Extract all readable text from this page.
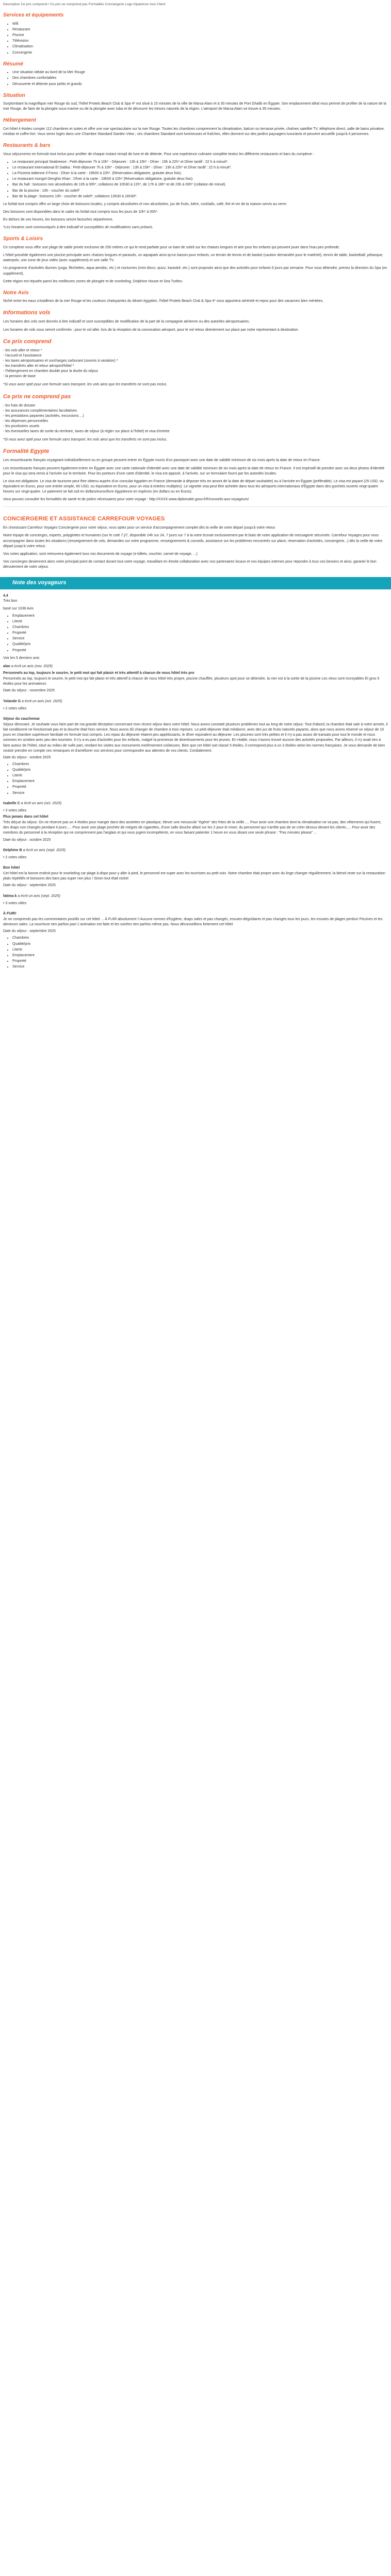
Description Ce prix comprend / Ce prix ne comprend pas Formalités Conciergerie Logo tripadvisor Avis Client
Services et équipements
• Wifi
• Restaurant
• Piscine
• Télévision
• Climatisation
• Concergerie
Résumé
• Une situation idéale au bord de la Mer Rouge
• Des chambres confortables
• Découverte et détente pour petits et grands
Situation

Surplombant la magnifique mer Rouge du sud, l'hôtel Protels Beach Club & Spa 4* est situé à 15 minutes de la ville de Marsa Alam et à 30 minutes de Port Ghalib en Égypte. Son emplacement idéal vous permet de profiter de la nature de la mer Rouge, de faire de la plongée sous-marine ou de la plongée avec tuba et de découvrir les trésors naturels de la région. L'aéroport de Marsa Alam se trouve à 35 minutes.

Hébergement

Cet hôtel 4 étoiles compte 112 chambres et suites et offre une vue spectaculaire sur la mer Rouge. Toutes les chambres comprennent la climatisation, balcon ou terrasse privée, chaînes satellite TV, téléphone direct, salle de bains privative, minibar et coffre-fort. Vous serez logés dans une Chambre Standard Garden View ; ces chambres Standard sont lumineuses et fraîches, elles donnent sur des jardins paysagers luxuriants et peuvent accueillir jusqu'à 4 personnes.

Restaurants & bars

Vous séjournerez en formule tout inclus pour profiter de chaque instant rempli de luxe et de détente. Pour une expérience culinaire complète testez les différents restaurants et bars du complexe :

• Le restaurant principal Seabreeze : Petit-déjeuner 7h à 10h* - Déjeuner : 13h à 15h* - Dîner : 19h à 22h* et Dîner tardif : 22 h à minuit*.
• Le restaurant international El Dabka : Petit-déjeuner 7h à 10h* - Déjeuner : 13h à 15h* - Dîner : 19h à 22h* et Dîner tardif : 22 h à minuit*.
• La Pizzeria italienne Il Forno : Dîner à la carte : 19h00 à 22h*. (Réservation obligatoire, gratuite deux fois).
• Le restaurant mongol Genghis Khan : Dîner à la carte : 19h00 à 22h* (Réservation obligatoire, gratuite deux fois).
• Bar du hall : boissons non alcoolisées de 10h à 00h*, collations de 10h30 à 12h*, de 17h à 18h* et de 23h à 00h* (collation de minuit).
• Bar de la piscine : 10h - coucher du soleil*
• Bar de la plage : boissons 10h - coucher de soleil*, collations 13h30 à 16h30*.

Le forfait tout compris offre un large choix de boissons locales, y compris alcoolisées et non alcoolisées, jus de fruits, bière, cocktails, café, thé et vin de la maison servis au verre.

Des boissons sont disponibles dans le cadre du forfait tout compris tous les jours de 10h* à 00h*.

En dehors de ces heures, les boissons seront facturées séparément.

*Les horaires sont communiqués à titre indicatif et susceptibles de modifications sans préavis.

Sports & Loisirs

Ce complexe vous offre une plage de sable privée exclusive de 250 mètres ce qui le rend parfaite pour un bain de soleil sur les chaises longues et aire pour les enfants qui peuvent jouer dans l'eau peu profonde.

L'hôtel possède également une piscine principale avec chaises longues et parasols, un aquapark ainsi qu'un bassin pour enfants, un terrain de tennis et de basket (caution demandée pour le matériel), tennis de table, basketball, pétanque, waterpolo, une zone de jeux vidéo (avec supplément) et une salle TV.

Un programme d'activités diurnes (yoga, fléchettes, aqua aerobic, etc.) et nocturnes (mini disco, quizz, karaoké, etc.) sont proposés ainsi que des activités pour enfants 6 jours par semaine. Pour vous détendre, prenez la direction du Spa (en supplément).

Cette région est réputée parmi les meilleures zones de plongée et de snorkeling, Dolphine House et Sea Turtles.

Notre Avis

Niché entre les eaux cristallines de la mer Rouge et les couleurs chatoyantes du désert égyptien, l'hôtel Protels Beach Club & Spa 4* vous apportera sérénité et repos pour des vacances bien méritées.

Informations vols

Les horaires des vols sont donnés à titre indicatif et sont susceptibles de modification de la part de la compagnie aérienne ou des autorités aéroportuaires.

Les horaires de vols vous seront confirmés : pour le vol aller, lors de la réception de la convocation aéroport, pour le vol retour directement sur place par notre représentant à destination.

Ce prix comprend
- les vols aller et retour *
- l'accueil et l'assistance
- les taxes aéroportuaires et surcharges carburant (soumis à variation) *
- les transferts aller et retour aéroport/hôtel *
- l'hébergement en chambre double pour la durée du séjour
- la pension de base

*Si vous avez opté pour une formule sans transport, les vols ainsi que les transferts ne sont pas inclus.

Ce prix ne comprend pas
- les frais de dossier
- les assurances complémentaires facultatives
- les prestations payantes (activités, excursions ...)
- les dépenses personnelles
- les pourboires usuels
- les éventuelles taxes de sortie du territoire, taxes de séjour (à régler sur place à l'hôtel) et visa d'entrée

*Si vous avez opté pour une formule sans transport, les vols ainsi que les transferts ne sont pas inclus.

Formalité Egypte

Les ressortissants français voyageant individuellement ou en groupe peuvent entrer en Égypte munis d'un passeport avec une date de validité minimum de six mois après la date de retour en France.

Les ressortissants français peuvent également entrer en Égypte avec une carte nationale d'identité avec une date de validité minimum de six mois après la date de retour en France. Il est impératif de prendre avec soi deux photos d'identité pour le visa qui sera remis à l'arrivée sur le territoire. Pour les porteurs d'une carte d'identité, le visa est apposé, à l'arrivée, sur un formulaire fourni par les autorités locales.

Le visa est obligatoire. Le visa de tourisme peut être obtenu auprès d'un consulat égyptien en France (demande à déposer très en amont de la date de départ souhaitée) ou à l'arrivée en Égypte (préférable). Le visa est payant (25 USD, ou équivalent en Euros, pour une entrée simple, 60 USD, ou équivalent en Euros, pour un visa à entrées multiples). Le vignette visa peut être achetée dans tous les aéroports internationaux d'Égypte dans des guichets ouverts vingt-quatre heures sur vingt-quatre. Le paiement se fait soit en dollars/euros/livre égyptienne en espèces (en dollars ou en Euros).

Vous pouvez consulter les formalités de santé et de police nécessaires pour votre voyage : http://XXXX.www.diplomatie.gouv.fr/fr/conseils-aux-voyageurs/

CONCIERGERIE ET ASSISTANCE CARREFOUR VOYAGES

En choisissant Carrefour Voyages Conciergerie pour votre séjour, vous optez pour un service d'accompagnement complet dès la veille de votre départ jusqu'à votre retour.

Notre équipe de concierges, experts, polyglottes et humaines (sur le coté 7 j/7, disponible 24h sur 24, 7 jours sur 7 à la votre écoute exclusivement par le biais de notre application de messagerie sécurisée. Carrefour Voyages pour vous accompagner dans toutes les situations (renseignement de vols, demandes sur votre programme, renseignements & conseils, assistance sur les problèmes rencontrés sur place, réservation d'activités, conciergerie...) dès la veille de votre départ jusqu'à votre retour.

Vos notes application, sont retrouvera également tous vos documents de voyage (e-billets, voucher, carnet de voyage, ...)

Vos concierges deviennent alors votre principal point de contact durant tout votre voyage, travaillant en étroite collaboration avec nos partenaires locaux et nos équipes internes pour répondre à tous vos besoins et ainsi, garantir le bon déroulement de votre séjour.

Note des voyageurs
4,4
Très bon
basé sur 1036 Avis
• Emplacement
• Literie
• Chambres
• Propreté
• Service
• Qualité/prix
• Propreté
Voir les 5 derniers avis
alan a écrit un avis (nov. 2025)
Personnels au top, toujours le sourire, le petit mot qui fait plaisir et très attentif à chacun de nous hôtel très pro
Personnels au top, toujours le sourire, le petit mot qui fait plaisir et très attentif à chacun de nous hôtel très propre, piscine chauffée, plusieurs spot pour se détendre, la mer est à la sortie de la piscine Les vieux sont incroyables Et gros 5 étoiles pour les animateurs
Date du séjour : novembre 2025
Yolande G a écrit un avis (oct. 2025)
• 2 votes utiles
Séjour du cauchemar
Séjour décevant. Je souhaite vous faire part de ma grande déception concernant mon récent séjour dans votre hôtel. Nous avons constaté plusieurs problèmes tout au long de notre séjour. Tout d'abord, la chambre était sale à notre arrivée, il fait conditionné ne fonctionnait pas et la douche était hors service. Nous avons dû changer de chambre à trois reprises. Le petit déjeuner était médiocre, avec des jus de fruits naturels payants, alors que nous avons réservé un séjour de 10 jours en chambre supérieure familiale en formule tout compris. Les repas du déjeuner étaient peu appétissants, le dîner equivalent au déjeuner. Les piscines sont très petites et il n'y a pas assez de transats pour tout le monde et nous sommes en octobre avec peu des touristes. Il n'y a eu pas d'activités pour les enfants, malgré la promesse de divertissements pour les jeunes. En réalité, nous n'avons trouvé aucune des activités proposées. Par ailleurs, il n'y avait rien à faire autour de l'hôtel, situé au milieu de nulle part, rendant les visites aux monuments extrêmement coûteuses. Bien que cet hôtel soit classé 5 étoiles, il correspond plus à un 3 étoiles selon les normes françaises. Je vous demande de bien vouloir prendre en compte ces remarques et d'améliorer vos services pour correspondre aux attentes de vos clients. Cordialement.
Date du séjour : octobre 2025
• Chambres
• Qualité/prix
• Literie
• Emplacement
• Propreté
• Service
Isabelle C a écrit un avis (oct. 2025)
• 3 votes utiles
Plus jamais dans cet hôtel
Très déçue du séjour. On ne réserve pas un 4 étoiles pour manger dans des assiettes en plastique, élever une minuscule "égérie" des frites de la veille..... Pour avoir une chambre dont la climatisation ne va pas, des vêtements qui fusent, des draps non changés pendant 4 jours..... Pour avoir une plage jonchée de mégots de cigarettes, d'une salle douche allant sur les 2 pour le mixer, du personnel qui n'arrête pas de se créer dessus devant les clients..... Pour avoir des membres du personnel à la réception qui ne comprennent pas l'anglais et qui vous jugent incompétents, en vous faisant patienter 1 heure en vous disant une seule phrase : "Pas minutes please" ...
Date du séjour : octobre 2025
Delphine B a écrit un avis (sept. 2025)
• 2 votes utiles
Bon hôtel
Cet hôtel est la bonne endroit pour le snorkeling car plage à dispo pour y aller à pied, le personnel est super avec les tourristes au petit soin. Notre chambre était propre avec du linge changer régulièrement, la bémol reste sur la restauration plats répétitifs et boissons des bars pas super non plus ! Sinon tout était nickel
Date du séjour : septembre 2025
fatima k a écrit un avis (sept. 2025)
• 3 votes utiles
À FUIR!
Je ne comprends pas les commentaires positifs sur cet hôtel ... À FUIR absolument !! Aucune normes d'hygiène, draps sales et pas changés, essuies-dégoûtants et pas changés tous les jours, les essuies de plages perdus! Piscines et les alentours sales. La nourriture rien parfois pas! L'animation est faite et les soirées rien parfois même pas. Nous déconseillons fortement cet hôtel
Date du séjour : septembre 2025
• Chambres
• Qualité/prix
• Literie
• Emplacement
• Propreté
• Service
